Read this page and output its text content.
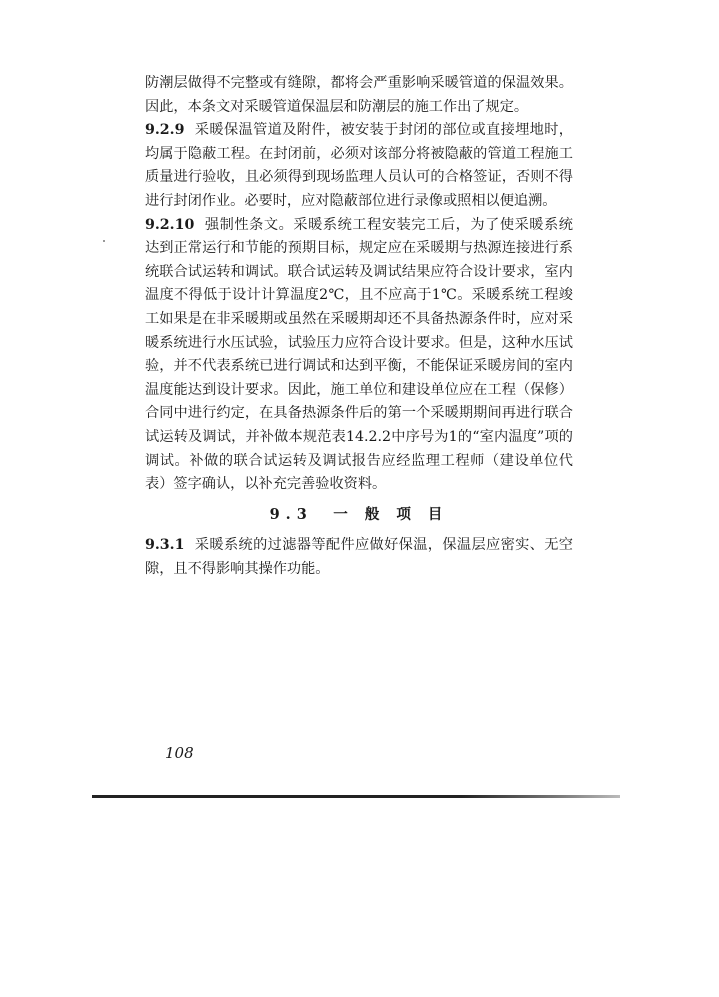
防潮层做得不完整或有缝隙，都将会严重影响采暖管道的保温效果。因此，本条文对采暖管道保温层和防潮层的施工作出了规定。

9.2.9 采暖保温管道及附件，被安装于封闭的部位或直接埋地时，均属于隐蔽工程。在封闭前，必须对该部分将被隐蔽的管道工程施工质量进行验收，且必须得到现场监理人员认可的合格签证，否则不得进行封闭作业。必要时，应对隐蔽部位进行录像或照相以便追溯。

9.2.10 强制性条文。采暖系统工程安装完工后，为了使采暖系统达到正常运行和节能的预期目标，规定应在采暖期与热源连接进行系统联合试运转和调试。联合试运转及调试结果应符合设计要求，室内温度不得低于设计计算温度2℃，且不应高于1℃。采暖系统工程竣工如果是在非采暖期或虽然在采暖期却还不具备热源条件时，应对采暖系统进行水压试验，试验压力应符合设计要求。但是，这种水压试验，并不代表系统已进行调试和达到平衡，不能保证采暖房间的室内温度能达到设计要求。因此，施工单位和建设单位应在工程（保修）合同中进行约定，在具备热源条件后的第一个采暖期期间再进行联合试运转及调试，并补做本规范表14.2.2中序号为1的“室内温度”项的调试。补做的联合试运转及调试报告应经监理工程师（建设单位代表）签字确认，以补充完善验收资料。

9.3　一 般 项 目

9.3.1 采暖系统的过滤器等配件应做好保温，保温层应密实、无空隙，且不得影响其操作功能。

108
